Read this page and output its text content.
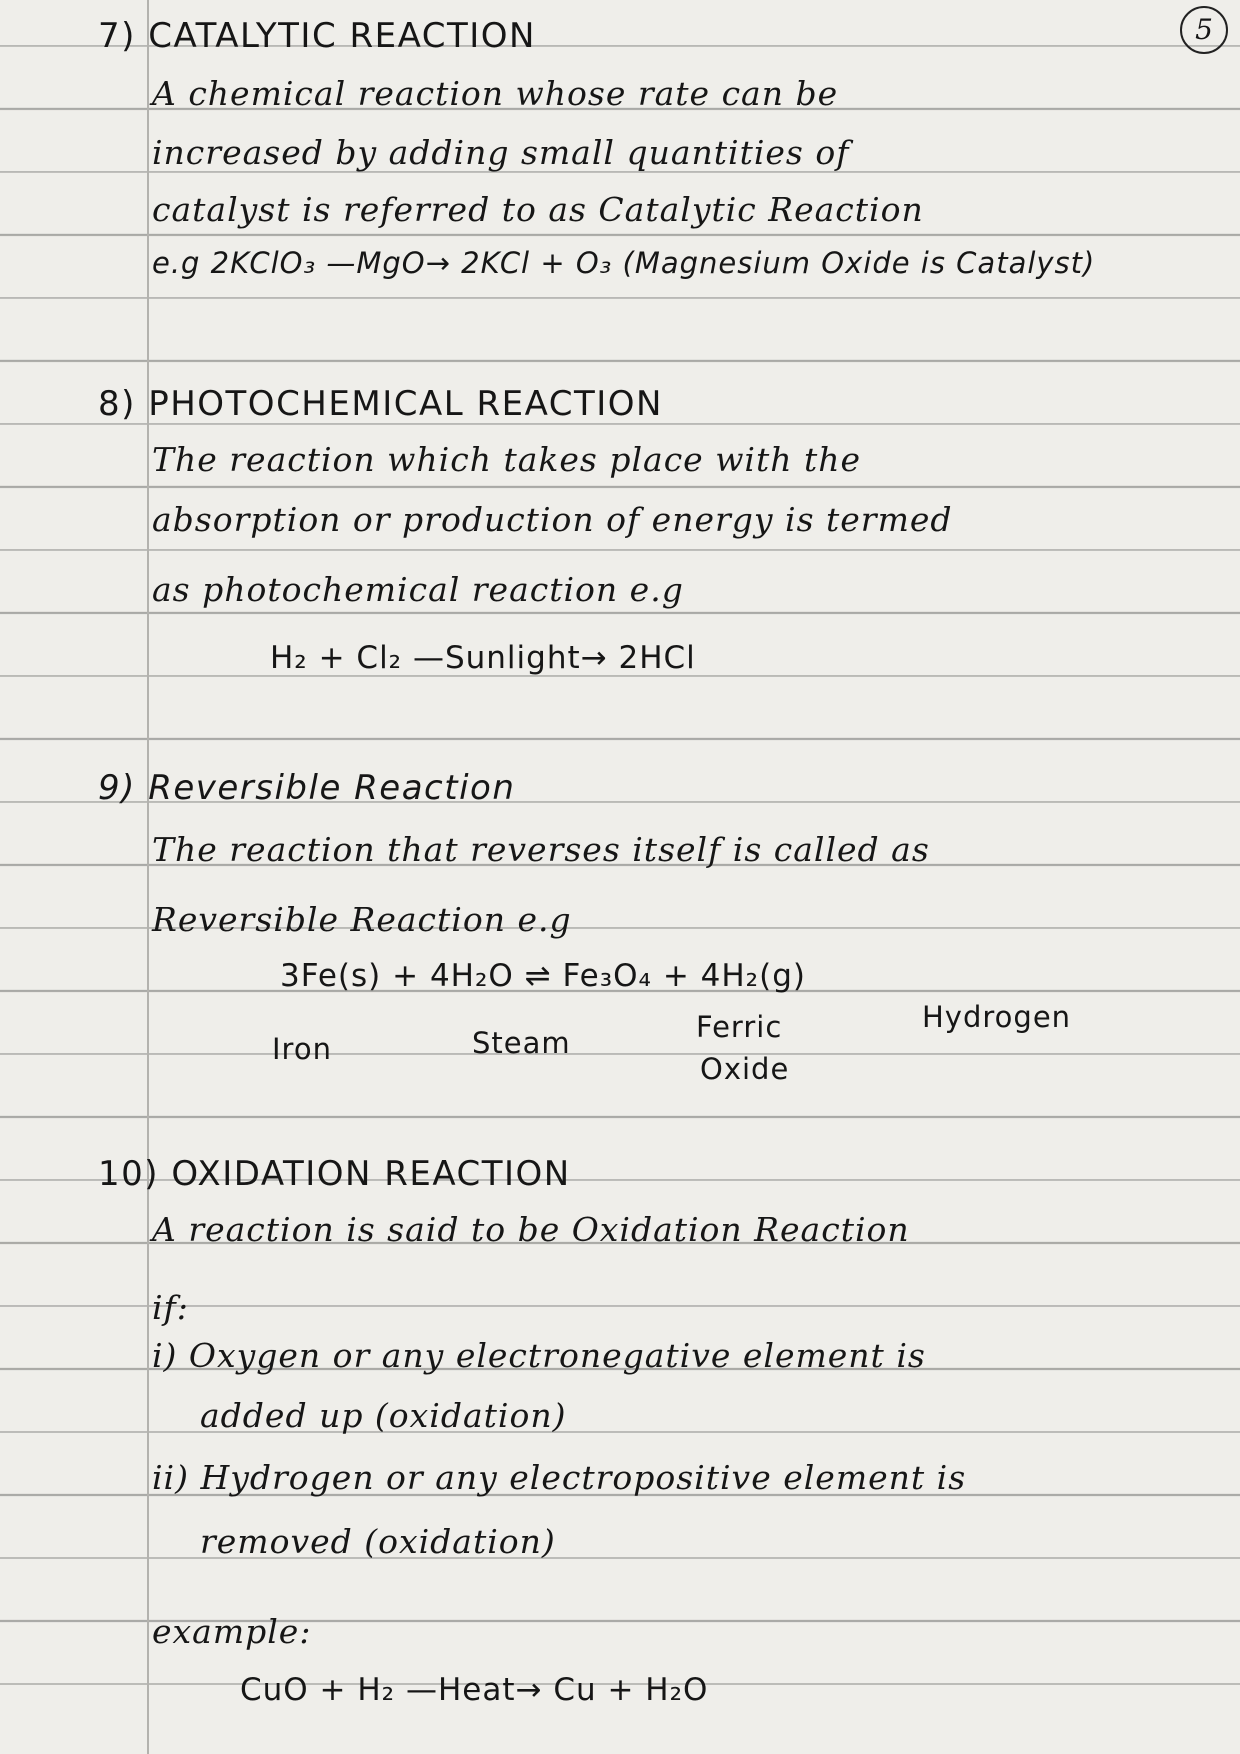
5
7) CATALYTIC REACTION
A chemical reaction whose rate can be
increased by adding small quantities of
catalyst is referred to as Catalytic Reaction
e.g 2KClO₃ —MgO→ 2KCl + O₃ (Magnesium Oxide is Catalyst)
8) PHOTOCHEMICAL REACTION
The reaction which takes place with the
absorption or production of energy is termed
as photochemical reaction e.g
H₂ + Cl₂ —Sunlight→ 2HCl
9) Reversible Reaction
The reaction that reverses itself is called as
Reversible Reaction e.g
3Fe(s) + 4H₂O ⇌ Fe₃O₄ + 4H₂(g)
Iron	Steam	Ferric
Oxide
Hydrogen
10) OXIDATION REACTION
A reaction is said to be Oxidation Reaction
if:
i) Oxygen or any electronegative element is
added up (oxidation)
ii) Hydrogen or any electropositive element is
removed (oxidation)
example:
CuO + H₂ —Heat→ Cu + H₂O
